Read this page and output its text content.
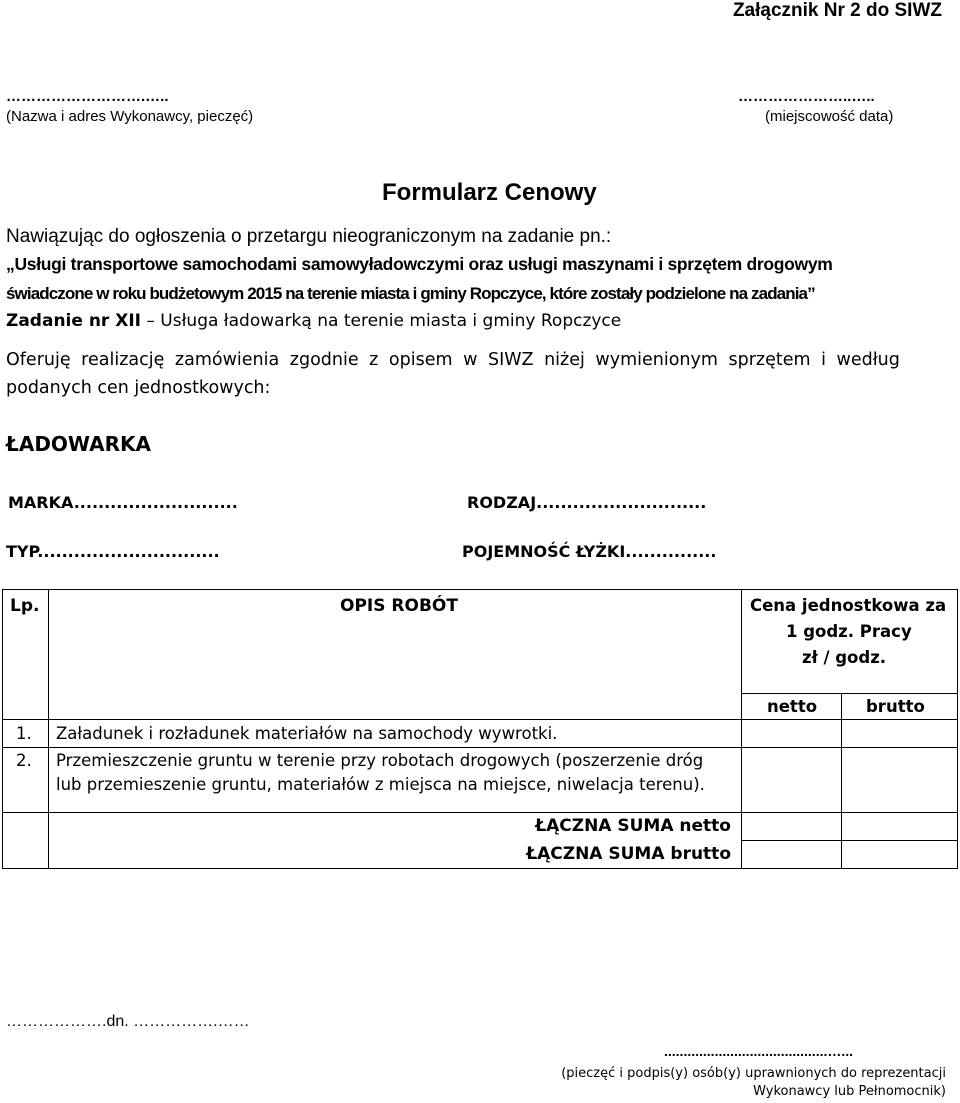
Załącznik Nr 2 do SIWZ
……………………….…..
(Nazwa i adres Wykonawcy, pieczęć)
…………………..…..
(miejscowość data)
Formularz Cenowy
Nawiązując do ogłoszenia o przetargu nieograniczonym na zadanie pn.:
„Usługi transportowe samochodami samowyładowczymi oraz usługi maszynami i sprzętem drogowym
świadczone w roku budżetowym 2015 na terenie miasta i gminy Ropczyce, które zostały podzielone na zadania”
Zadanie nr XII – Usługa ładowarką na terenie miasta i gminy Ropczyce
Oferuję realizację zamówienia zgodnie z opisem w SIWZ niżej wymienionym sprzętem i według
podanych cen jednostkowych:
ŁADOWARKA
MARKA...........................	RODZAJ............................
TYP..............................	POJEMNOŚĆ ŁYŻKI...............
Lp.	OPIS ROBÓT	Cena jednostkowa za
1 godz. Pracy
zł / godz.
netto	brutto
1. Załadunek i rozładunek materiałów na samochody wywrotki.
2. Przemieszczenie gruntu w terenie przy robotach drogowych (poszerzenie dróg
lub przemieszenie gruntu, materiałów z miejsca na miejsce, niwelacja terenu).
ŁĄCZNA SUMA netto
ŁĄCZNA SUMA brutto
……………….dn. …………….……
..........................................…...
(pieczęć i podpis(y) osób(y) uprawnionych do reprezentacji
Wykonawcy lub Pełnomocnik)
